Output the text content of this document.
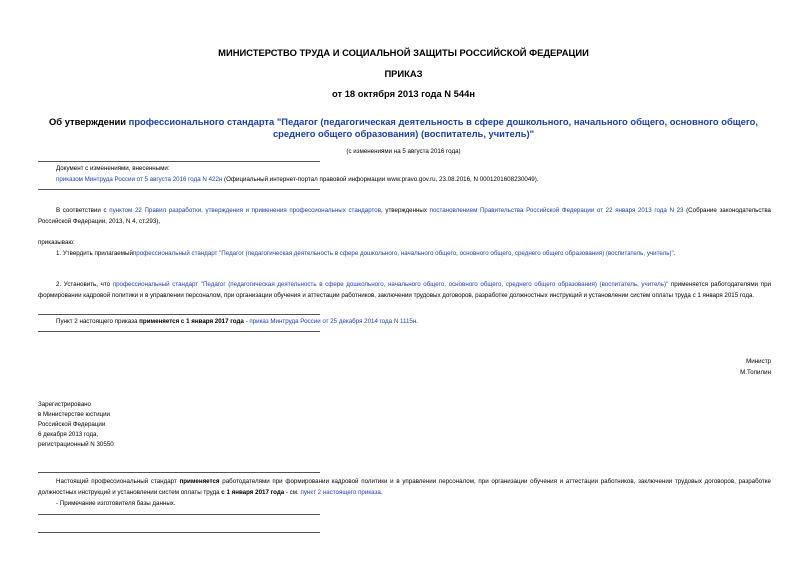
МИНИСТЕРСТВО ТРУДА И СОЦИАЛЬНОЙ ЗАЩИТЫ РОССИЙСКОЙ ФЕДЕРАЦИИ
ПРИКАЗ
от 18 октября 2013 года N 544н
Об утверждении профессионального стандарта "Педагог (педагогическая деятельность в сфере дошкольного, начального общего, основного общего, среднего общего образования) (воспитатель, учитель)"
(с изменениями на 5 августа 2016 года)
Документ с изменениями, внесенными:
приказом Минтруда России от 5 августа 2016 года N 422н (Официальный интернет-портал правовой информации www.pravo.gov.ru, 23.08.2016, N 0001201608230049).
В соответствии с пунктом 22 Правил разработки, утверждения и применения профессиональных стандартов, утвержденных постановлением Правительства Российской Федерации от 22 января 2013 года N 23 (Собрание законодательства Российской Федерации, 2013, N 4, ст.293),
приказываю:
1. Утвердить прилагаемыйпрофессиональный стандарт "Педагог (педагогическая деятельность в сфере дошкольного, начального общего, основного общего, среднего общего образования) (воспитатель, учитель)".
2. Установить, что профессиональный стандарт "Педагог (педагогическая деятельность в сфере дошкольного, начального общего, основного общего, среднего общего образования) (воспитатель, учитель)" применяется работодателями при формировании кадровой политики и в управлении персоналом, при организации обучения и аттестации работников, заключении трудовых договоров, разработке должностных инструкций и установлении систем оплаты труда с 1 января 2015 года.
Пункт 2 настоящего приказа применяется с 1 января 2017 года - приказ Минтруда России от 25 декабря 2014 года N 1115н.
Министр
М.Топилин
Зарегистрировано
в Министерстве юстиции
Российской Федерации
6 декабря 2013 года,
регистрационный N 30550
Настоящий профессиональный стандарт применяется работодателями при формировании кадровой политики и в управлении персоналом, при организации обучения и аттестации работников, заключении трудовых договоров, разработке должностных инструкций и установлении систем оплаты труда с 1 января 2017 года - см. пункт 2 настоящего приказа.
- Примечание изготовителя базы данных.
